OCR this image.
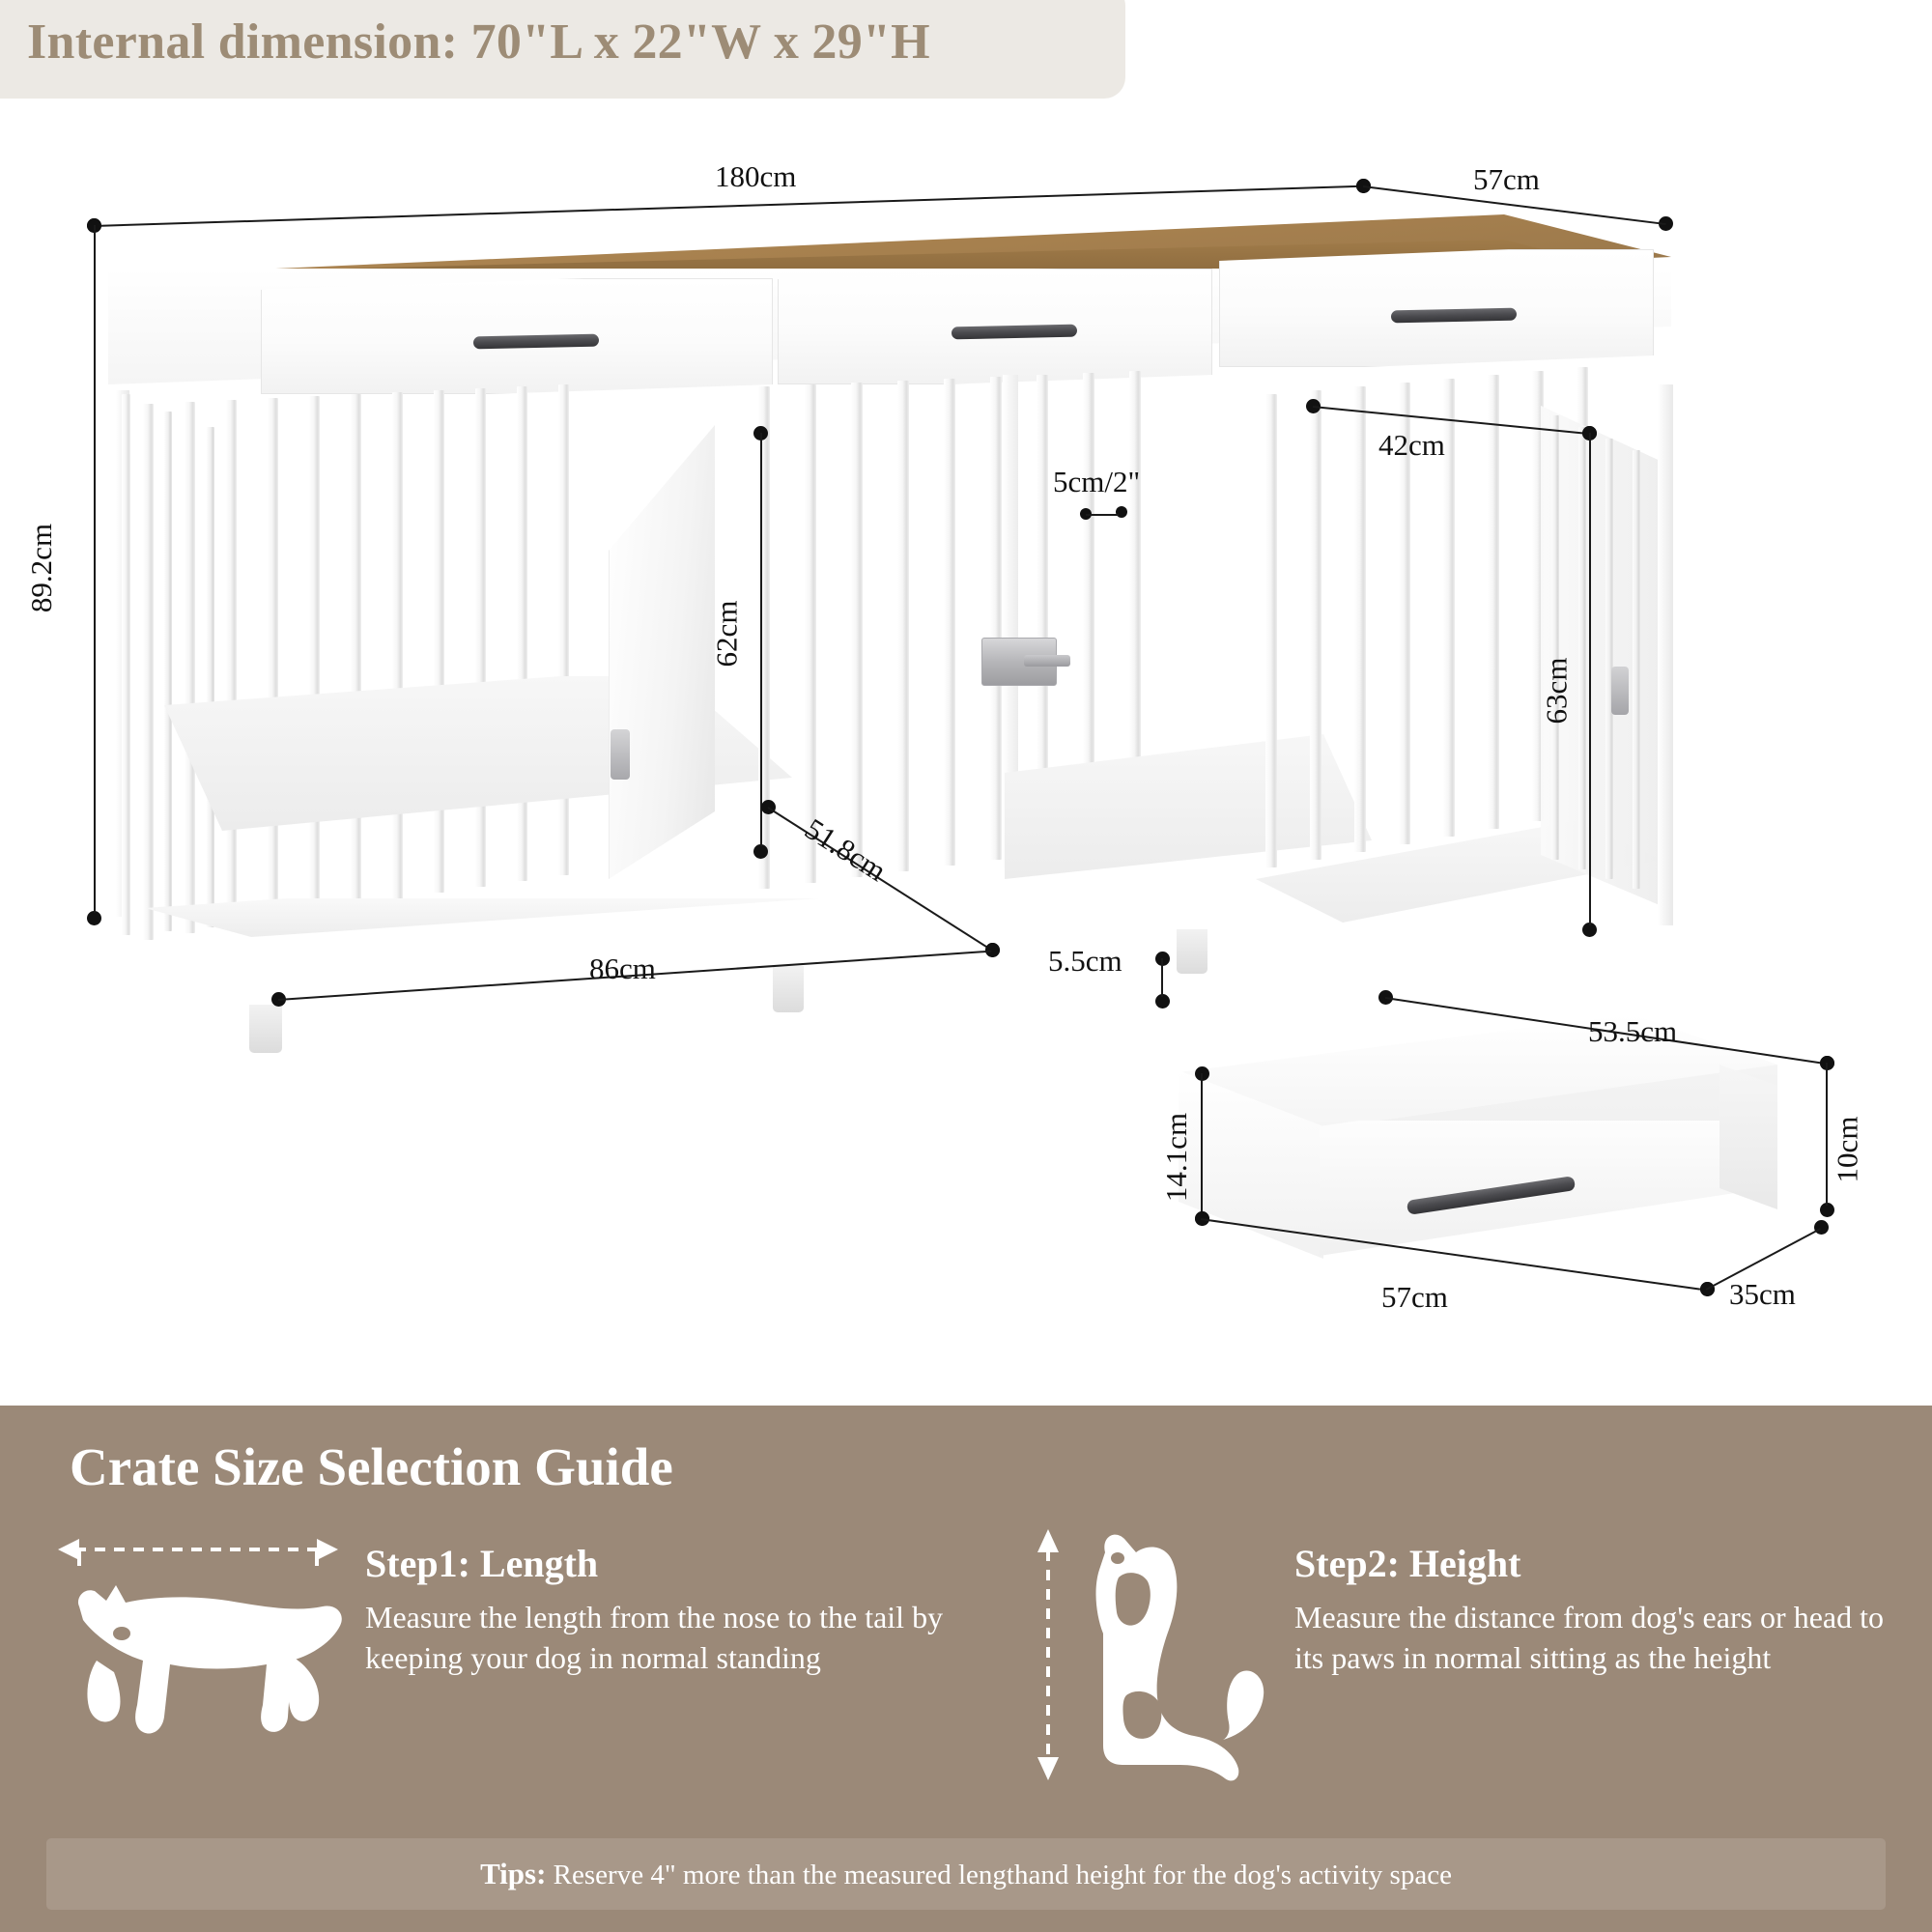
180cm	57cm
89.2cm
62cm
5cm/2"
42cm
63cm
51.8cm
86cm	5.5cm
53.5cm
10cm
14.1cm
57cm	35cm
Internal dimension: 70"L x 22"W x 29"H
Crate Size Selection Guide
Step1: Length
Measure the length from the nose to the tail by keeping your dog in normal standing
Step2: Height
Measure the distance from dog's ears or head to its paws in normal sitting as the height
Tips: Reserve 4" more than the measured lengthand height for the dog's activity space
